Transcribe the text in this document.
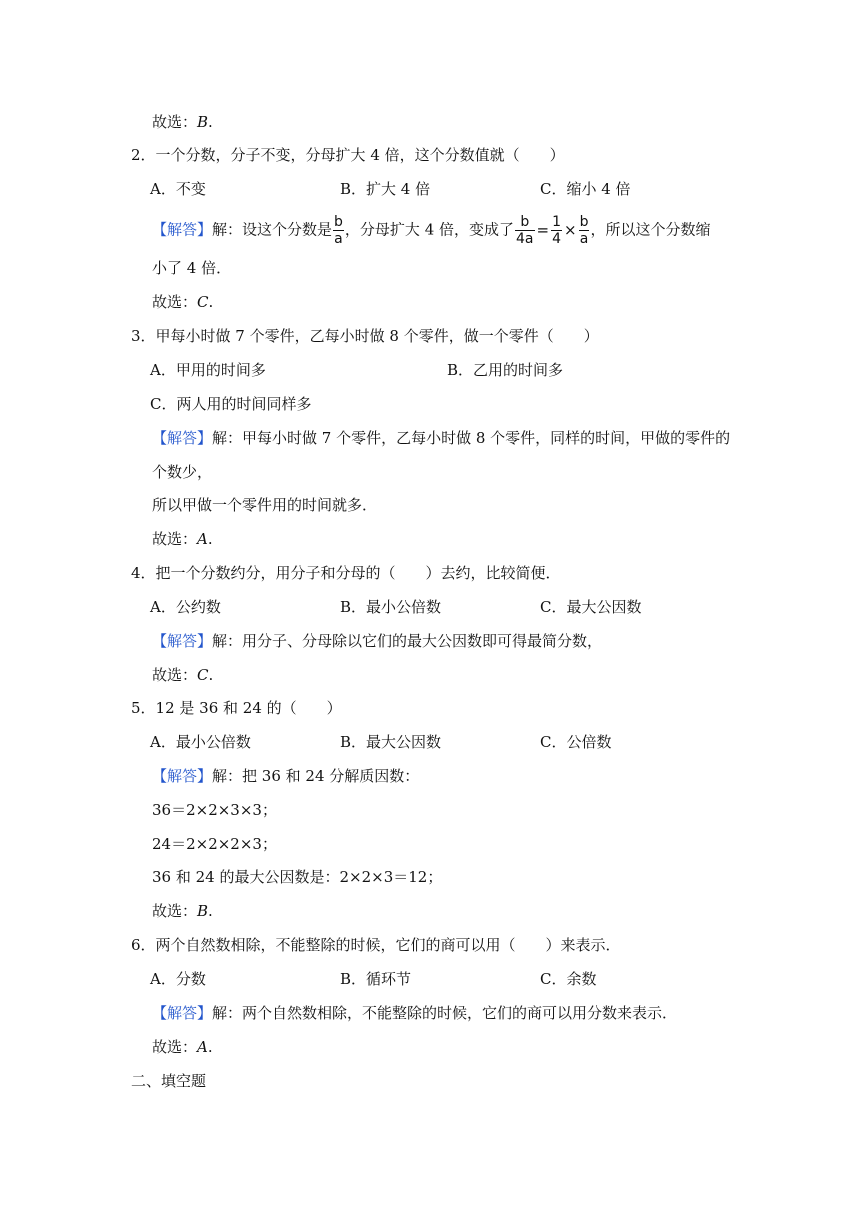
故选：B.
2．一个分数，分子不变，分母扩大 4 倍，这个分数值就（　　）
A．不变	B．扩大 4 倍	C．缩小 4 倍
【解答】解：设这个分数是 $\frac{b}{a}$ ，分母扩大 4 倍，变成了 $\frac{b}{4a} = \frac{1}{4} \times \frac{b}{a}$ ，所以这个分数缩
小了 4 倍．
故选：C.
3．甲每小时做 7 个零件，乙每小时做 8 个零件，做一个零件（　　）
A．甲用的时间多	B．乙用的时间多
C．两人用的时间同样多
【解答】解：甲每小时做 7 个零件，乙每小时做 8 个零件，同样的时间，甲做的零件的
个数少，
所以甲做一个零件用的时间就多．
故选：A.
4．把一个分数约分，用分子和分母的（　　）去约，比较简便．
A．公约数	B．最小公倍数	C．最大公因数
【解答】解：用分子、分母除以它们的最大公因数即可得最简分数，
故选：C.
5．12 是 36 和 24 的（　　）
A．最小公倍数	B．最大公因数	C．公倍数
【解答】解：把 36 和 24 分解质因数：
36＝2×2×3×3；
24＝2×2×2×3；
36 和 24 的最大公因数是：2×2×3＝12；
故选：B.
6．两个自然数相除，不能整除的时候，它们的商可以用（　　）来表示．
A．分数	B．循环节	C．余数
【解答】解：两个自然数相除，不能整除的时候，它们的商可以用分数来表示．
故选：A.
二、填空题
